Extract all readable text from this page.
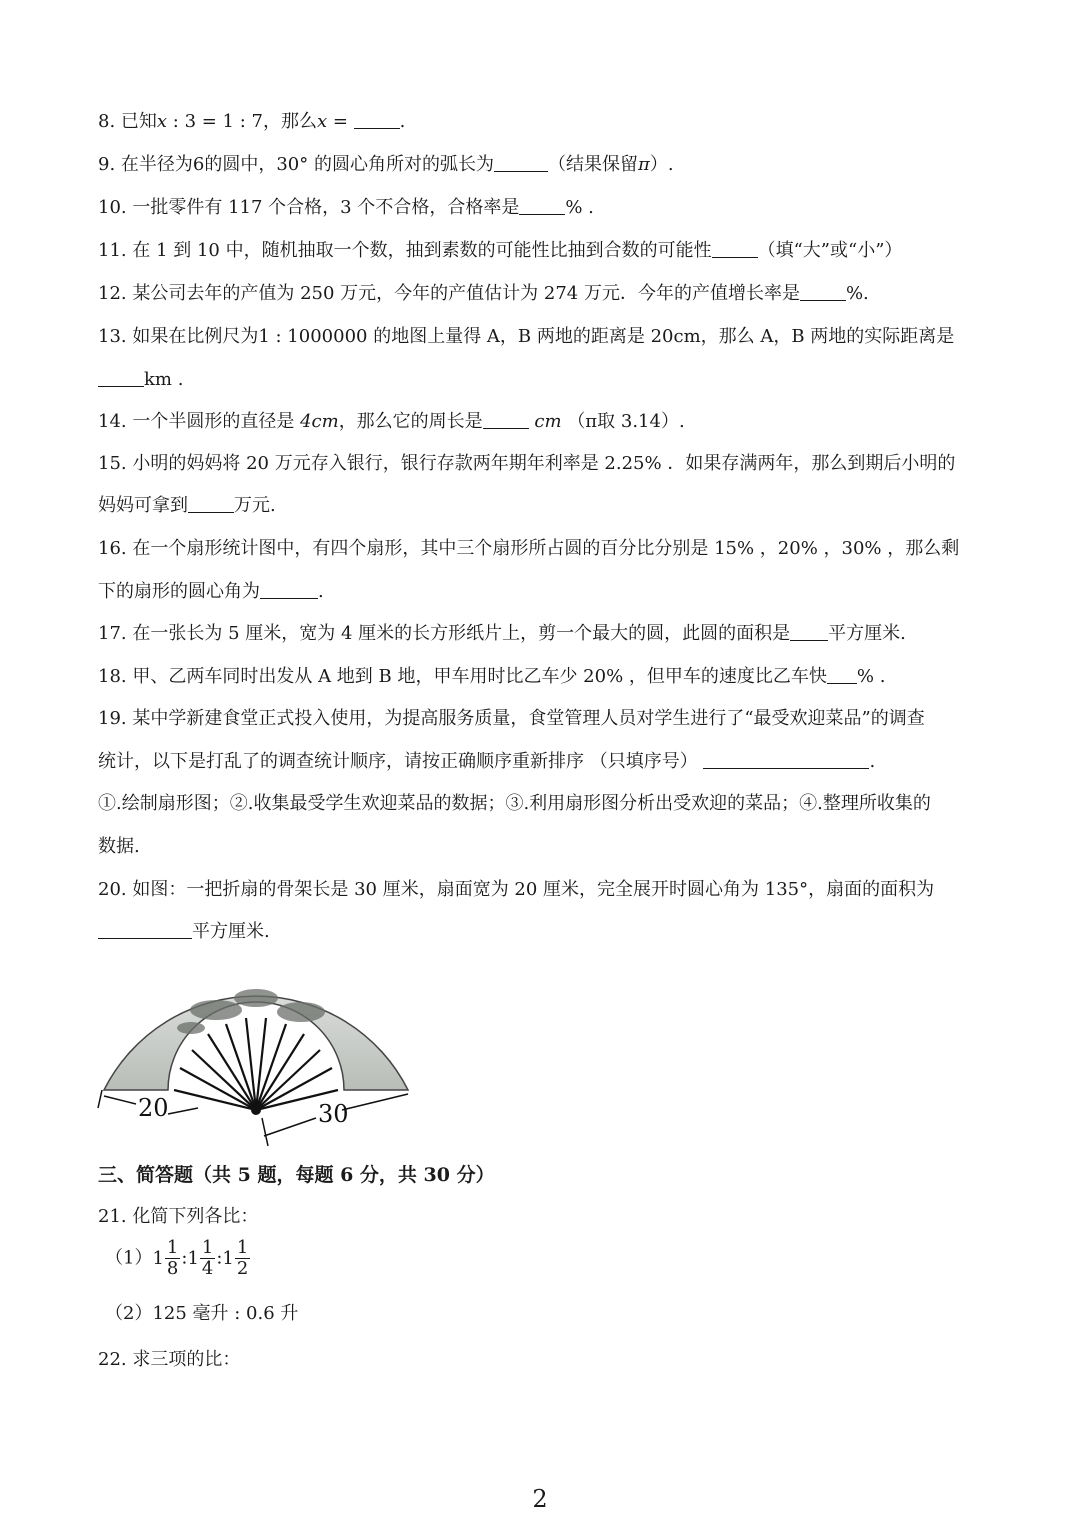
8. 已知x : 3 = 1 : 7，那么x =	.
9. 在半径为6的圆中，30° 的圆心角所对的弧长为	（结果保留π）.
10. 一批零件有 117 个合格，3 个不合格，合格率是	% .
11. 在 1 到 10 中，随机抽取一个数，抽到素数的可能性比抽到合数的可能性	（填“大”或“小”）
12. 某公司去年的产值为 250 万元，今年的产值估计为 274 万元．今年的产值增长率是	%.
13. 如果在比例尺为1 : 1000000 的地图上量得 A，B 两地的距离是 20cm，那么 A，B 两地的实际距离是
km .
14. 一个半圆形的直径是 4cm，那么它的周长是	cm （π取 3.14）.
15. 小明的妈妈将 20 万元存入银行，银行存款两年期年利率是 2.25% ．如果存满两年，那么到期后小明的
妈妈可拿到	万元.
16. 在一个扇形统计图中，有四个扇形，其中三个扇形所占圆的百分比分别是 15% ，20% ，30% ，那么剩
下的扇形的圆心角为	.
17. 在一张长为 5 厘米，宽为 4 厘米的长方形纸片上，剪一个最大的圆，此圆的面积是 平方厘米.
18. 甲、乙两车同时出发从 A 地到 B 地，甲车用时比乙车少 20% ，但甲车的速度比乙车快 % .
19. 某中学新建食堂正式投入使用，为提高服务质量，食堂管理人员对学生进行了“最受欢迎菜品”的调查
统计，以下是打乱了的调查统计顺序，请按正确顺序重新排序 （只填序号）	.
①.绘制扇形图；②.收集最受学生欢迎菜品的数据；③.利用扇形图分析出受欢迎的菜品；④.整理所收集的
数据.
20. 如图：一把折扇的骨架长是 30 厘米，扇面宽为 20 厘米，完全展开时圆心角为 135°，扇面的面积为
平方厘米.
20	30
三、简答题（共 5 题，每题 6 分，共 30 分）
21. 化简下列各比：
$(1)1 \frac{1}{8}$ :1 $\frac{1}{4}$ :1 $\frac{1}{2}$
（2）125 毫升 : 0.6 升
22. 求三项的比：
2
